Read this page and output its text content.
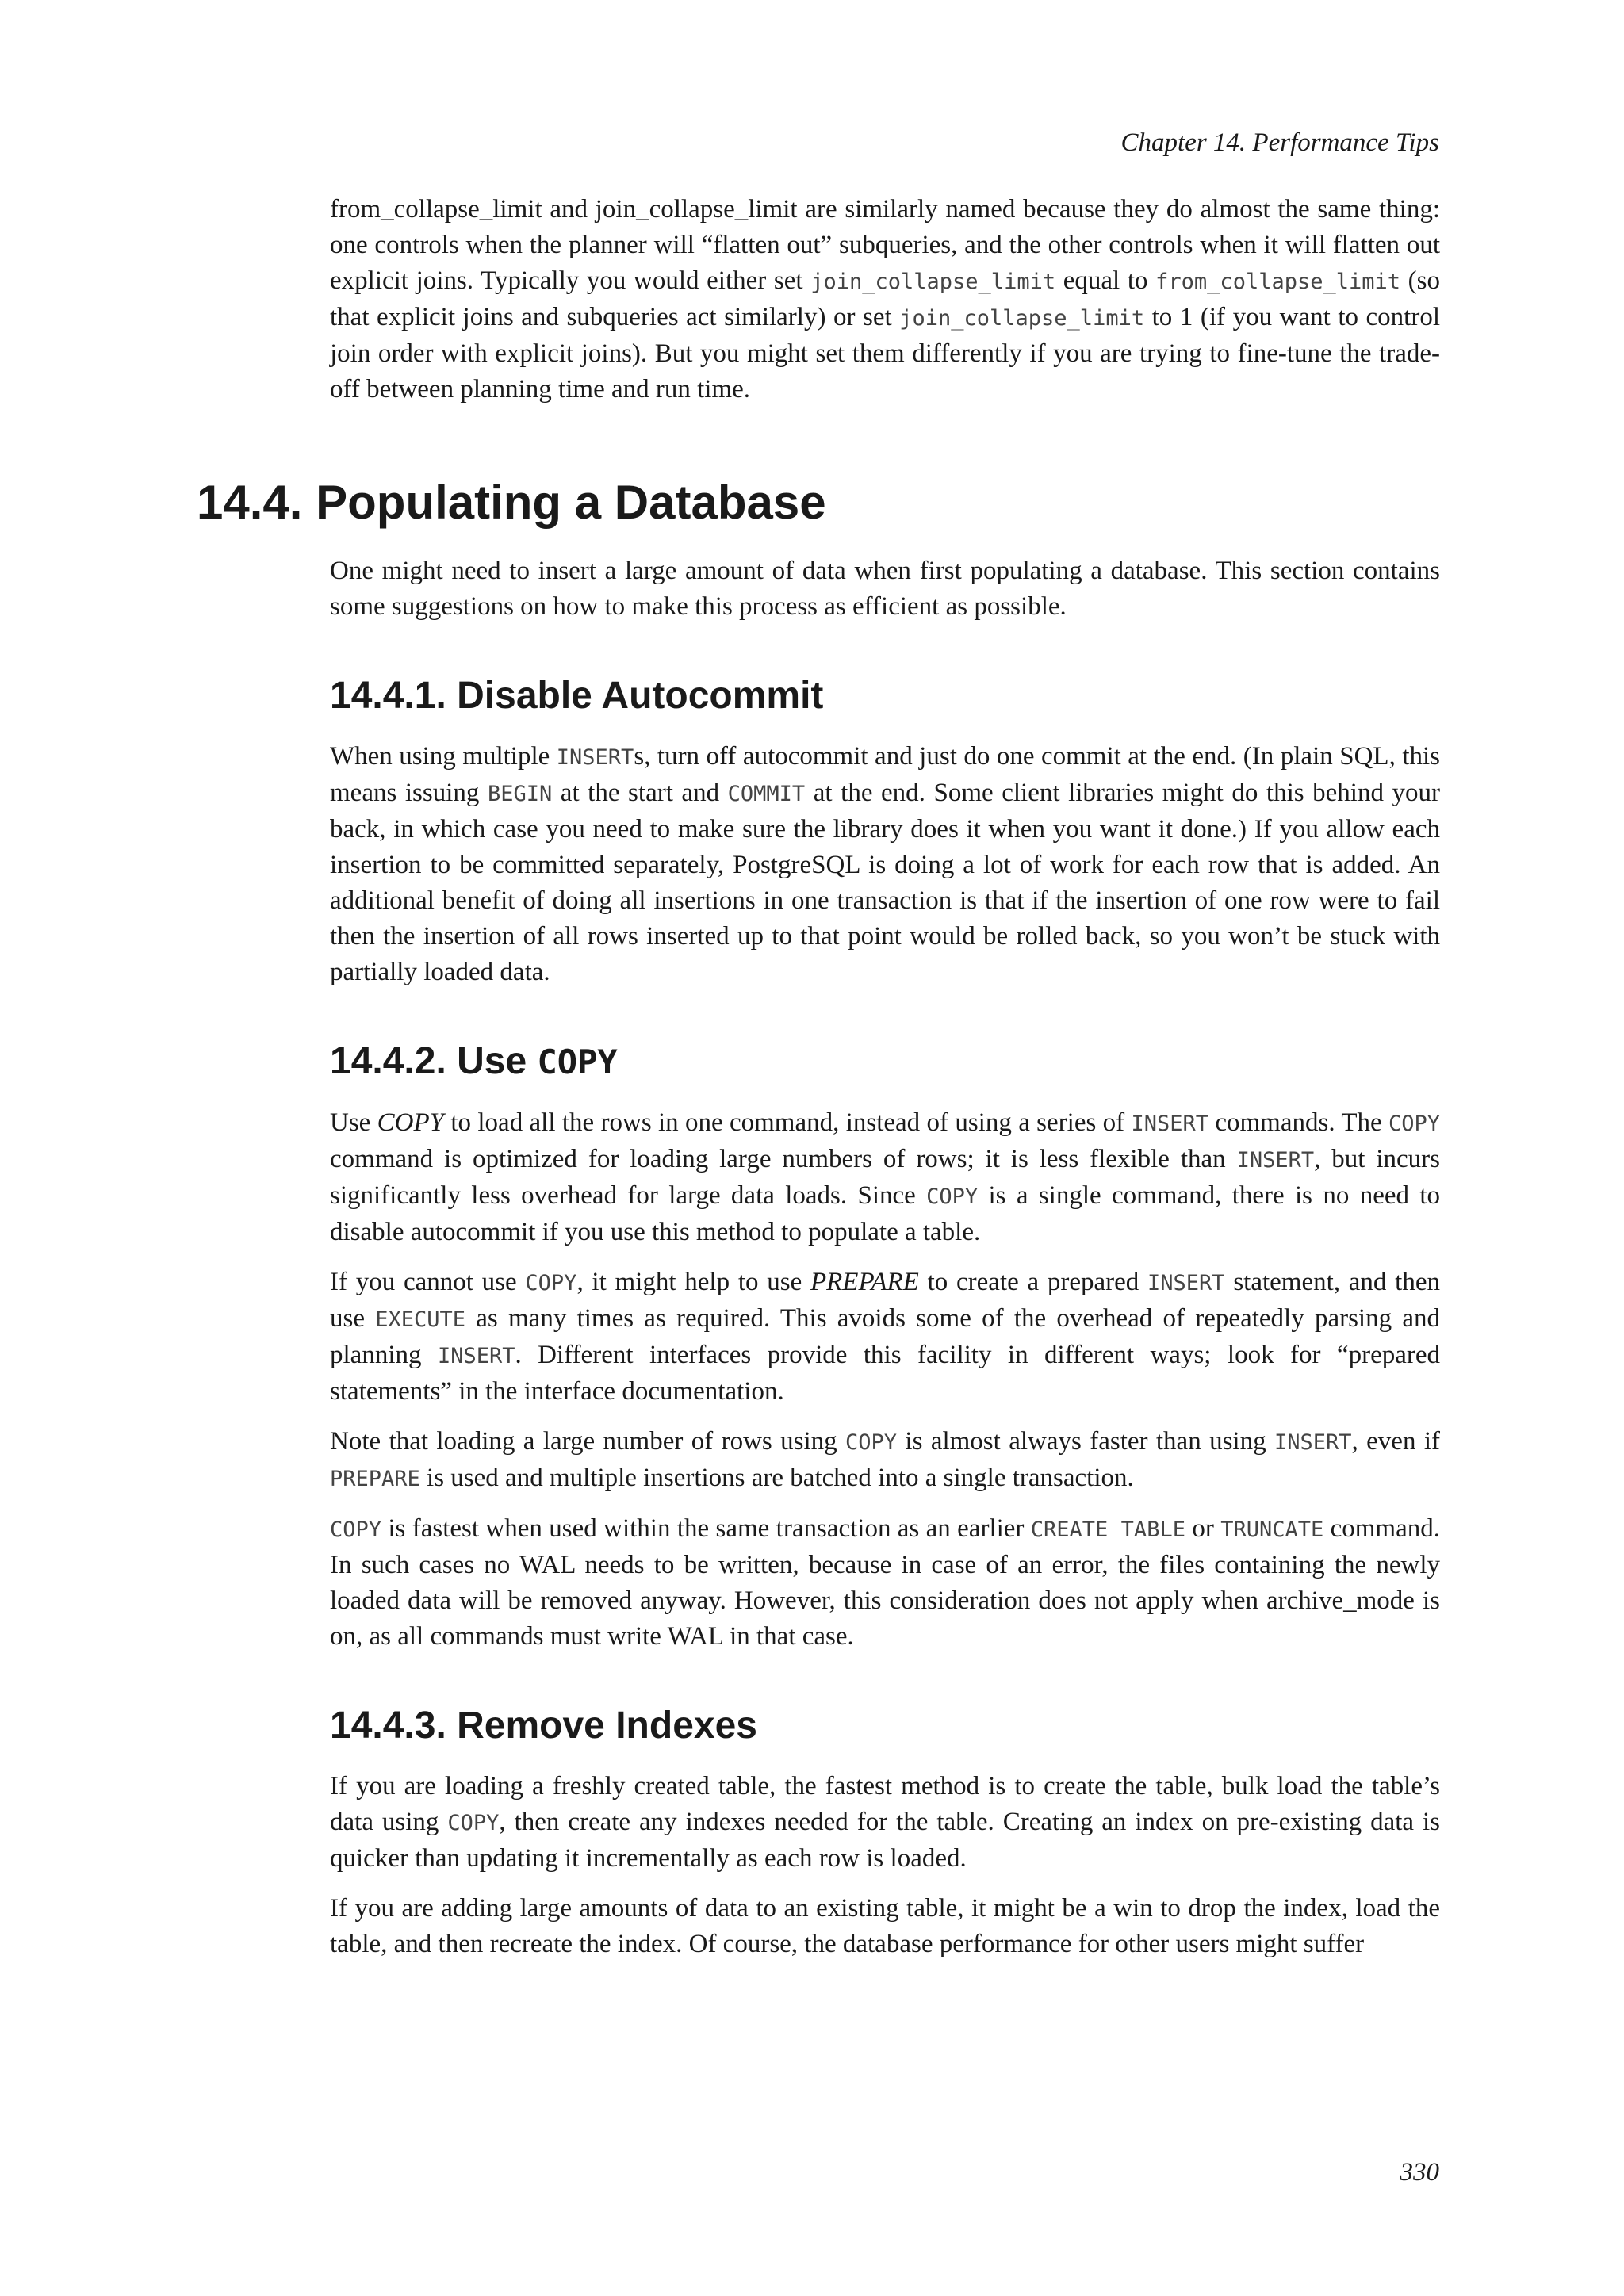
Chapter 14. Performance Tips

from_collapse_limit and join_collapse_limit are similarly named because they do almost the same thing: one controls when the planner will “flatten out” subqueries, and the other controls when it will flatten out explicit joins. Typically you would either set join_collapse_limit equal to from_collapse_limit (so that explicit joins and subqueries act similarly) or set join_collapse_limit to 1 (if you want to control join order with explicit joins). But you might set them differently if you are trying to fine-tune the trade-off between planning time and run time.

14.4. Populating a Database

One might need to insert a large amount of data when first populating a database. This section contains some suggestions on how to make this process as efficient as possible.

14.4.1. Disable Autocommit

When using multiple INSERTs, turn off autocommit and just do one commit at the end. (In plain SQL, this means issuing BEGIN at the start and COMMIT at the end. Some client libraries might do this behind your back, in which case you need to make sure the library does it when you want it done.) If you allow each insertion to be committed separately, PostgreSQL is doing a lot of work for each row that is added. An additional benefit of doing all insertions in one transaction is that if the insertion of one row were to fail then the insertion of all rows inserted up to that point would be rolled back, so you won’t be stuck with partially loaded data.

14.4.2. Use COPY

Use COPY to load all the rows in one command, instead of using a series of INSERT commands. The COPY command is optimized for loading large numbers of rows; it is less flexible than INSERT, but incurs significantly less overhead for large data loads. Since COPY is a single command, there is no need to disable autocommit if you use this method to populate a table.

If you cannot use COPY, it might help to use PREPARE to create a prepared INSERT statement, and then use EXECUTE as many times as required. This avoids some of the overhead of repeatedly parsing and planning INSERT. Different interfaces provide this facility in different ways; look for “prepared statements” in the interface documentation.

Note that loading a large number of rows using COPY is almost always faster than using INSERT, even if PREPARE is used and multiple insertions are batched into a single transaction.

COPY is fastest when used within the same transaction as an earlier CREATE TABLE or TRUNCATE command. In such cases no WAL needs to be written, because in case of an error, the files containing the newly loaded data will be removed anyway. However, this consideration does not apply when archive_mode is on, as all commands must write WAL in that case.

14.4.3. Remove Indexes

If you are loading a freshly created table, the fastest method is to create the table, bulk load the table’s data using COPY, then create any indexes needed for the table. Creating an index on pre-existing data is quicker than updating it incrementally as each row is loaded.

If you are adding large amounts of data to an existing table, it might be a win to drop the index, load the table, and then recreate the index. Of course, the database performance for other users might suffer

330
